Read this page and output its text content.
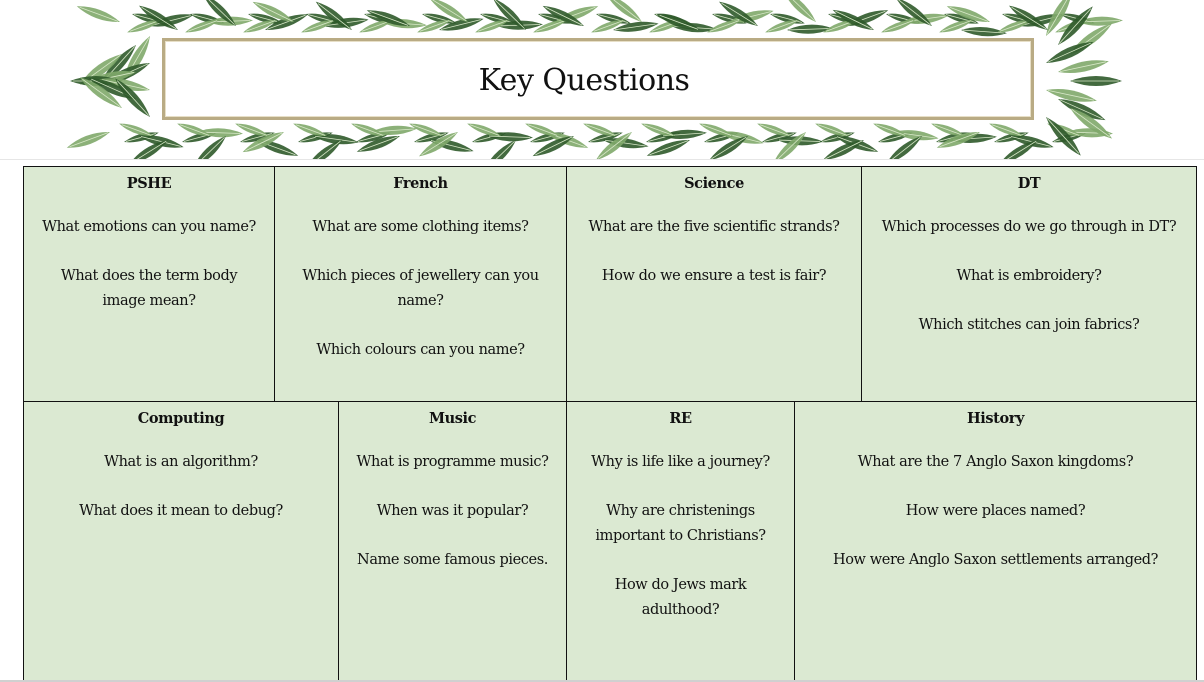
Key Questions
PSHE
What emotions can you name?
What does the term body image mean?
French
What are some clothing items?
Which pieces of jewellery can you name?
Which colours can you name?
Science
What are the five scientific strands?
How do we ensure a test is fair?
DT
Which processes do we go through in DT?
What is embroidery?
Which stitches can join fabrics?
Computing
What is an algorithm?
What does it mean to debug?
Music
What is programme music?
When was it popular?
Name some famous pieces.
RE
Why is life like a journey?
Why are christenings important to Christians?
How do Jews mark adulthood?
History
What are the 7 Anglo Saxon kingdoms?
How were places named?
How were Anglo Saxon settlements arranged?
